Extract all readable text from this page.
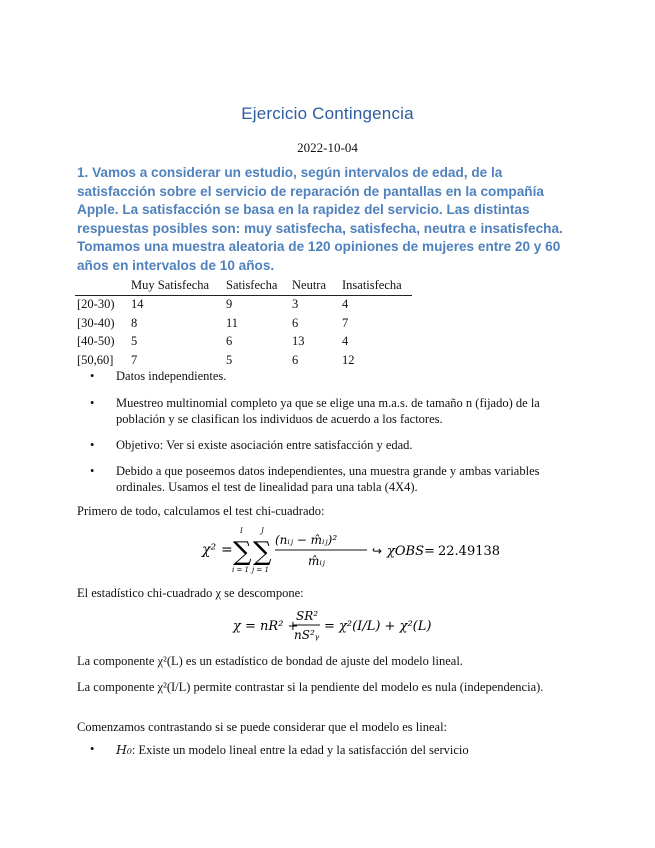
Ejercicio Contingencia
2022-10-04
1. Vamos a considerar un estudio, según intervalos de edad, de la satisfacción sobre el servicio de reparación de pantallas en la compañía Apple. La satisfacción se basa en la rapidez del servicio. Las distintas respuestas posibles son: muy satisfecha, satisfecha, neutra e insatisfecha. Tomamos una muestra aleatoria de 120 opiniones de mujeres entre 20 y 60 años en intervalos de 10 años.
	Muy Satisfecha	Satisfecha	Neutra	Insatisfecha
[20-30)	14	9	3	4
[30-40)	8	11	6	7
[40-50)	5	6	13	4
[50,60]	7	5	6	12
• Datos independientes.
• Muestreo multinomial completo ya que se elige una m.a.s. de tamaño n (fijado) de la población y se clasifican los individuos de acuerdo a los factores.
• Objetivo: Ver si existe asociación entre satisfacción y edad.
• Debido a que poseemos datos independientes, una muestra grande y ambas variables ordinales. Usamos el test de linealidad para una tabla (4X4).
Primero de todo, calculamos el test chi-cuadrado:
χ² = ∑
I
i = 1
∑
J
j = 1
(nᵢⱼ − m̂ᵢⱼ)²
m̂ᵢⱼ
↪ χOBS = 22.49138
El estadístico chi-cuadrado χ se descompone:
χ = nR² +
SR²
nS²ᵧ
= χ²(I/L) + χ²(L)
La componente χ²(L) es un estadístico de bondad de ajuste del modelo lineal.
La componente χ²(I/L) permite contrastar si la pendiente del modelo es nula (independencia).
Comenzamos contrastando si se puede considerar que el modelo es lineal:
• H₀: Existe un modelo lineal entre la edad y la satisfacción del servicio
